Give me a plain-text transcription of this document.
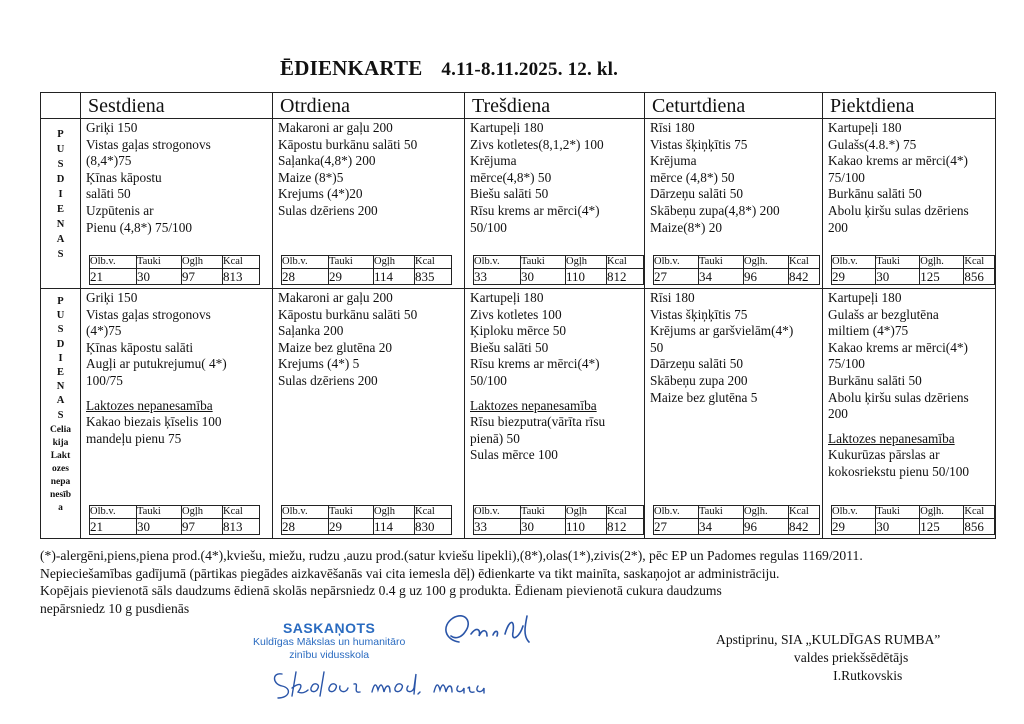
ĒDIENKARTE 4.11-8.11.2025. 12. kl.
	Sestdiena	Otrdiena	Trešdiena	Ceturtdiena	Piektdiena

P
U
S
D
I
E
N
A
S

Griķi 150
Vistas gaļas strogonovs
(8,4*)75
Ķīnas kāpostu
salāti 50
Uzpūtenis ar
Pienu (4,8*) 75/100
Olb.v.	Tauki	Ogļh	Kcal
21	30	97	813

Makaroni ar gaļu 200
Kāpostu burkānu salāti 50
Saļanka(4,8*) 200
Maize (8*)5
Krejums (4*)20
Sulas dzēriens 200
Olb.v.	Tauki	Ogļh	Kcal
28	29	114	835

Kartupeļi 180
Zivs kotletes(8,1,2*) 100
Krējuma
mērce(4,8*) 50
Biešu salāti 50
Rīsu krems ar mērci(4*)
50/100
Olb.v.	Tauki	Ogļh	Kcal
33	30	110	812

Rīsi 180
Vistas šķiņķītis 75
Krējuma
mērce (4,8*) 50
Dārzeņu salāti 50
Skābeņu zupa(4,8*) 200
Maize(8*) 20
Olb.v.	Tauki	Ogļh.	Kcal
27	34	96	842

Kartupeļi 180
Gulašs(4.8.*) 75
Kakao krems ar mērci(4*)
75/100
Burkānu salāti 50
Abolu ķiršu sulas dzēriens
200
Olb.v.	Tauki	Ogļh.	Kcal
29	30	125	856

P
U
S
D
I
E
N
A
S
Celia
kija
Lakt
ozes
nepa
nesīb
a

Griķi 150
Vistas gaļas strogonovs
(4*)75
Ķīnas kāpostu salāti
Augļi ar putukrejumu( 4*)
100/75
Laktozes nepanesamība
Kakao biezais ķīselis 100
mandeļu pienu 75
Olb.v.	Tauki	Ogļh	Kcal
21	30	97	813

Makaroni ar gaļu 200
Kāpostu burkānu salāti 50
Saļanka 200
Maize bez glutēna 20
Krejums (4*) 5
Sulas dzēriens 200
Olb.v.	Tauki	Ogļh	Kcal
28	29	114	830

Kartupeļi 180
Zivs kotletes 100
Ķiploku mērce 50
Biešu salāti 50
Rīsu krems ar mērci(4*)
50/100
Laktozes nepanesamība
Rīsu biezputra(vārīta rīsu
pienā) 50
Sulas mērce 100
Olb.v.	Tauki	Ogļh	Kcal
33	30	110	812

Rīsi 180
Vistas šķiņķītis 75
Krējums ar garšvielām(4*)
50
Dārzeņu salāti 50
Skābeņu zupa 200
Maize bez glutēna 5
Olb.v.	Tauki	Ogļh.	Kcal
27	34	96	842

Kartupeļi 180
Gulašs ar bezglutēna
miltiem (4*)75
Kakao krems ar mērci(4*)
75/100
Burkānu salāti 50
Abolu ķiršu sulas dzēriens
200
Laktozes nepanesamība
Kukurūzas pārslas ar
kokosriekstu pienu 50/100
Olb.v.	Tauki	Ogļh.	Kcal
29	30	125	856
(*)-alergēni,piens,piena prod.(4*),kviešu, miežu, rudzu ,auzu prod.(satur kviešu lipekli),(8*),olas(1*),zivis(2*), pēc EP un Padomes regulas 1169/2011.
Nepieciešamības gadījumā (pārtikas piegādes aizkavēšanās vai cita iemesla dēļ) ēdienkarte va tikt mainīta, saskaņojot ar administrāciju.
Kopējais pievienotā sāls daudzums ēdienā skolās nepārsniedz 0.4 g uz 100 g produkta. Ēdienam pievienotā cukura daudzums
nepārsniedz 10 g pusdienās
SASKAŅOTS
Kuldīgas Mākslas un humanitāro
zinību vidusskola
Apstiprinu, SIA „KULDĪGAS RUMBA”
valdes priekšsēdētājs
I.Rutkovskis
